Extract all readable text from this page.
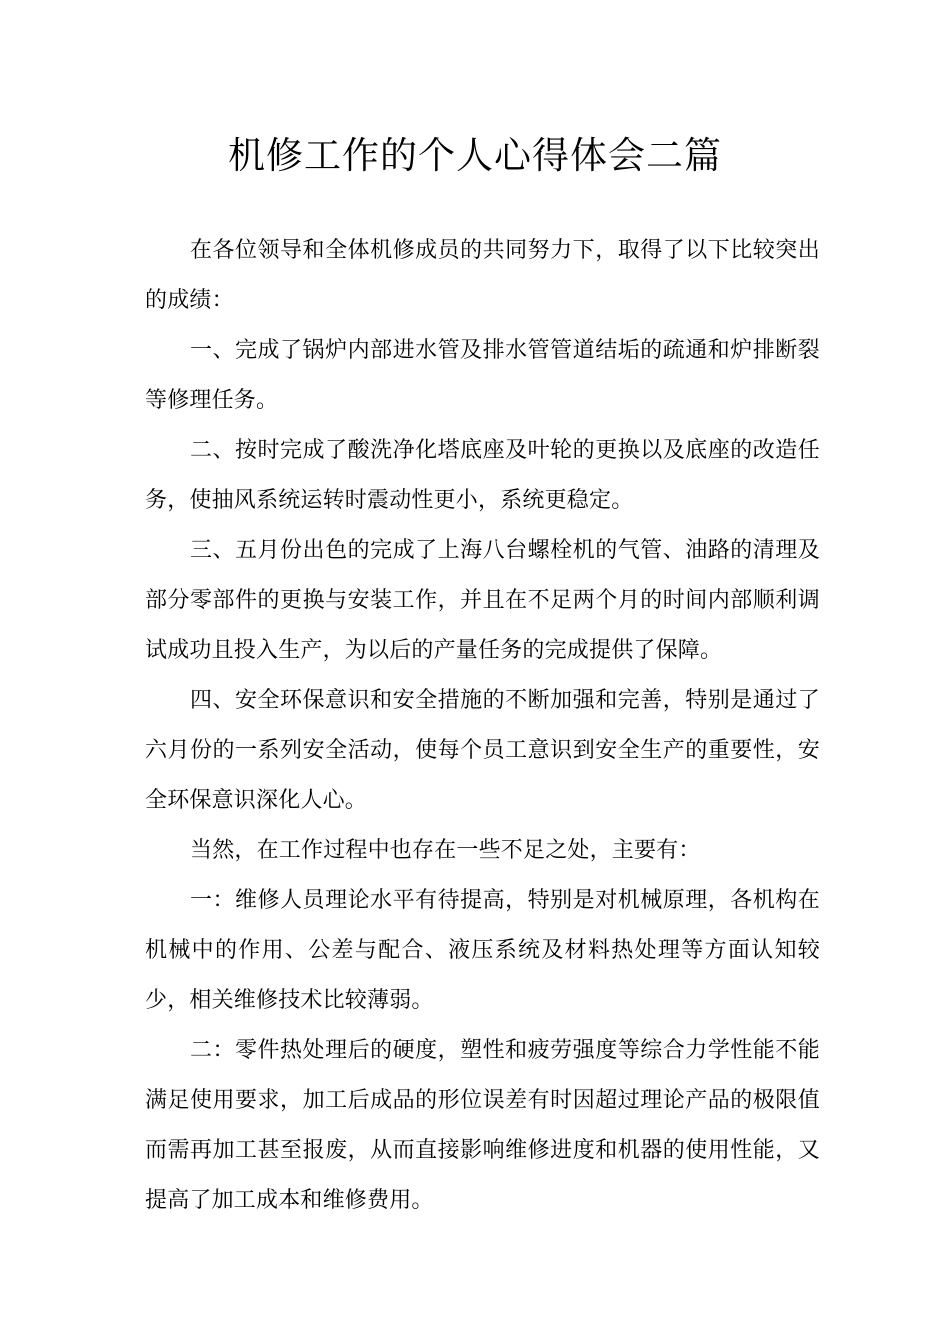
机修工作的个人心得体会二篇

在各位领导和全体机修成员的共同努力下，取得了以下比较突出的成绩：

一、完成了锅炉内部进水管及排水管管道结垢的疏通和炉排断裂等修理任务。

二、按时完成了酸洗净化塔底座及叶轮的更换以及底座的改造任务，使抽风系统运转时震动性更小，系统更稳定。

三、五月份出色的完成了上海八台螺栓机的气管、油路的清理及部分零部件的更换与安装工作，并且在不足两个月的时间内部顺利调试成功且投入生产，为以后的产量任务的完成提供了保障。

四、安全环保意识和安全措施的不断加强和完善，特别是通过了六月份的一系列安全活动，使每个员工意识到安全生产的重要性，安全环保意识深化人心。

当然，在工作过程中也存在一些不足之处，主要有：

一：维修人员理论水平有待提高，特别是对机械原理，各机构在机械中的作用、公差与配合、液压系统及材料热处理等方面认知较少，相关维修技术比较薄弱。

二：零件热处理后的硬度，塑性和疲劳强度等综合力学性能不能满足使用要求，加工后成品的形位误差有时因超过理论产品的极限值而需再加工甚至报废，从而直接影响维修进度和机器的使用性能，又提高了加工成本和维修费用。
